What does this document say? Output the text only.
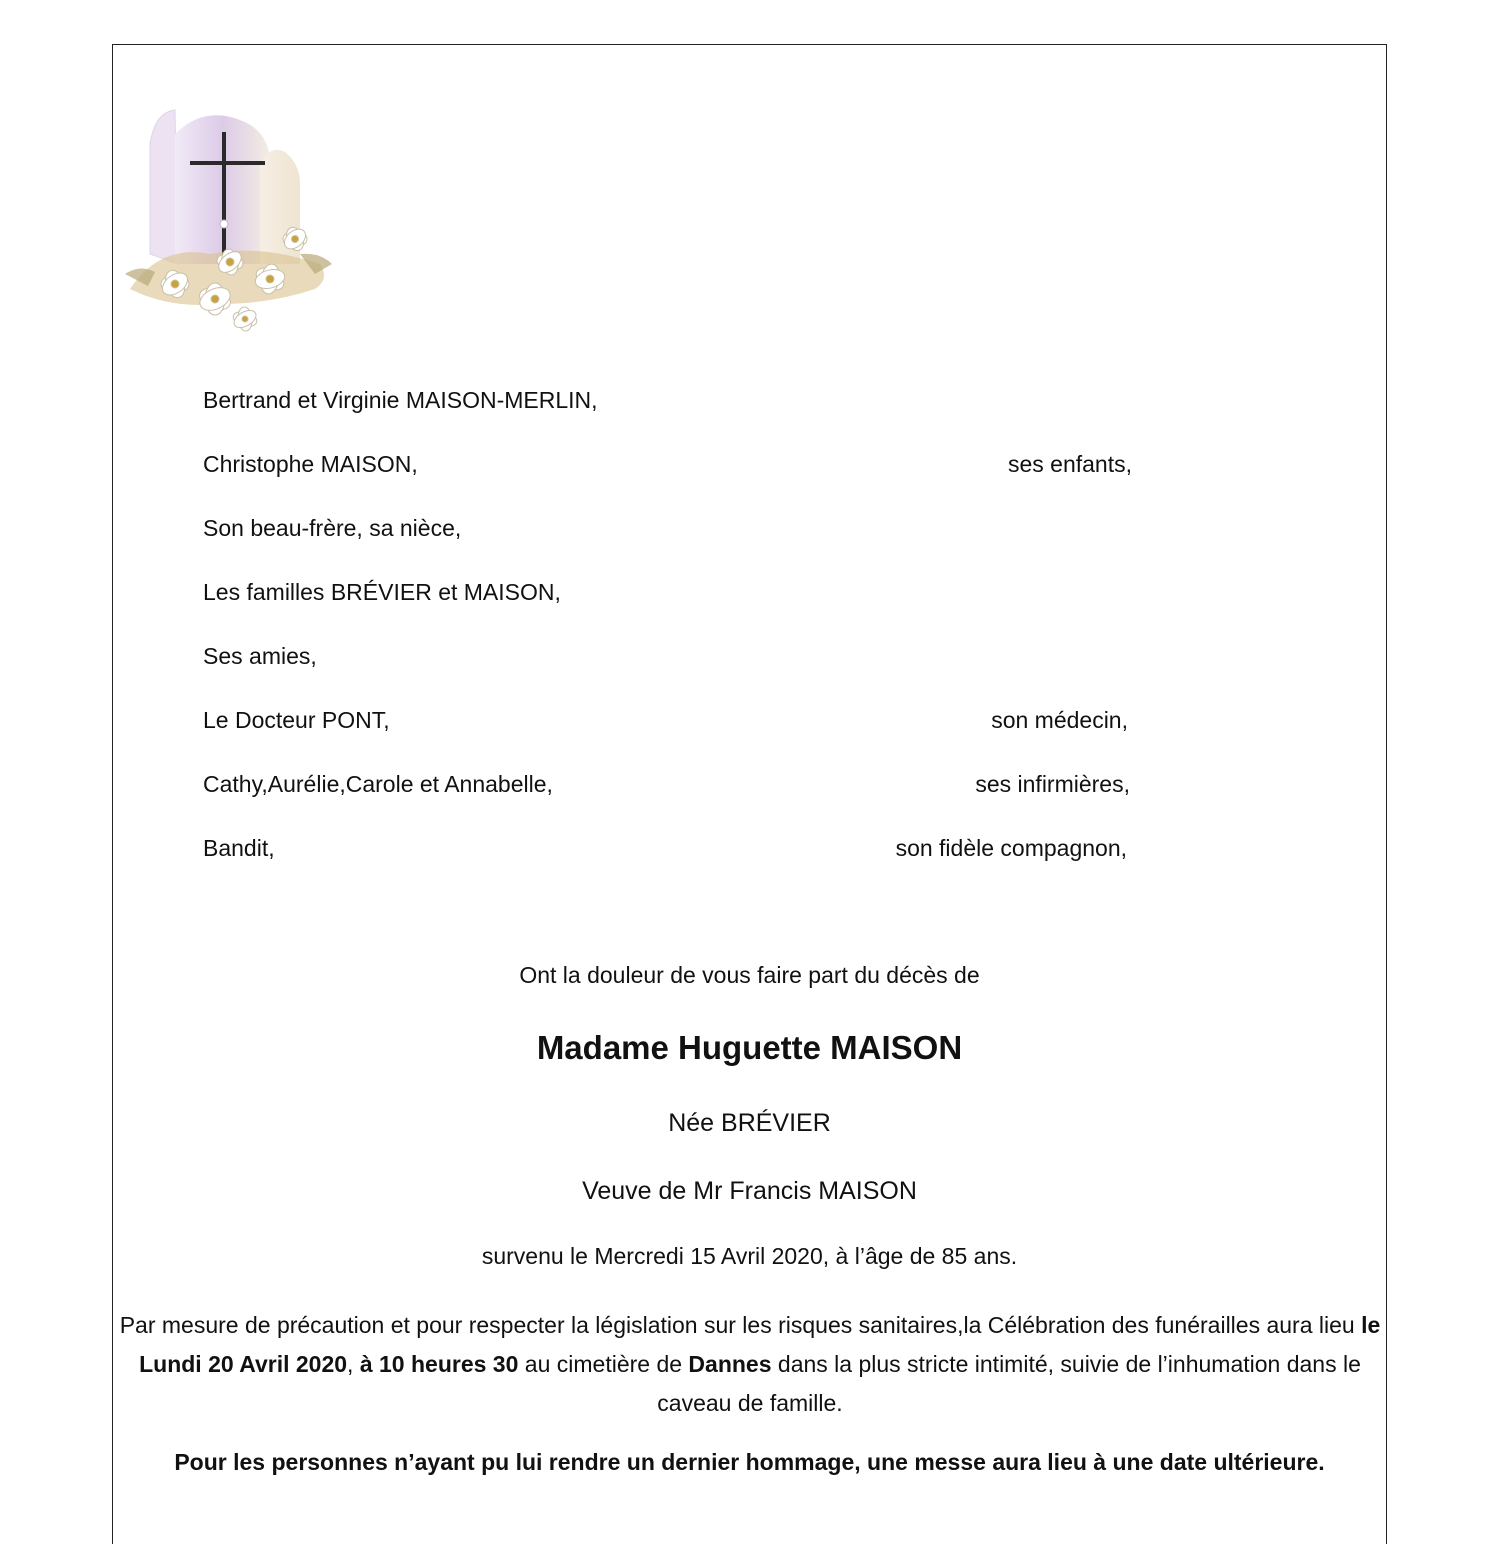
Bertrand et Virginie MAISON-MERLIN,
Christophe MAISON,	ses enfants,
Son beau-frère, sa nièce,
Les familles BRÉVIER et MAISON,
Ses amies,
Le Docteur PONT,	son médecin,
Cathy,Aurélie,Carole et Annabelle,	ses infirmières,
Bandit,	son fidèle compagnon,
Ont la douleur de vous faire part du décès de
Madame Huguette MAISON
Née BRÉVIER
Veuve de Mr Francis MAISON
survenu le Mercredi 15 Avril 2020, à l’âge de 85 ans.
Par mesure de précaution et pour respecter la législation sur les risques sanitaires,la Célébration des funérailles aura lieu le Lundi 20 Avril 2020, à 10 heures 30 au cimetière de Dannes dans la plus stricte intimité, suivie de l’inhumation dans le caveau de famille.
Pour les personnes n’ayant pu lui rendre un dernier hommage, une messe aura lieu à une date ultérieure.
